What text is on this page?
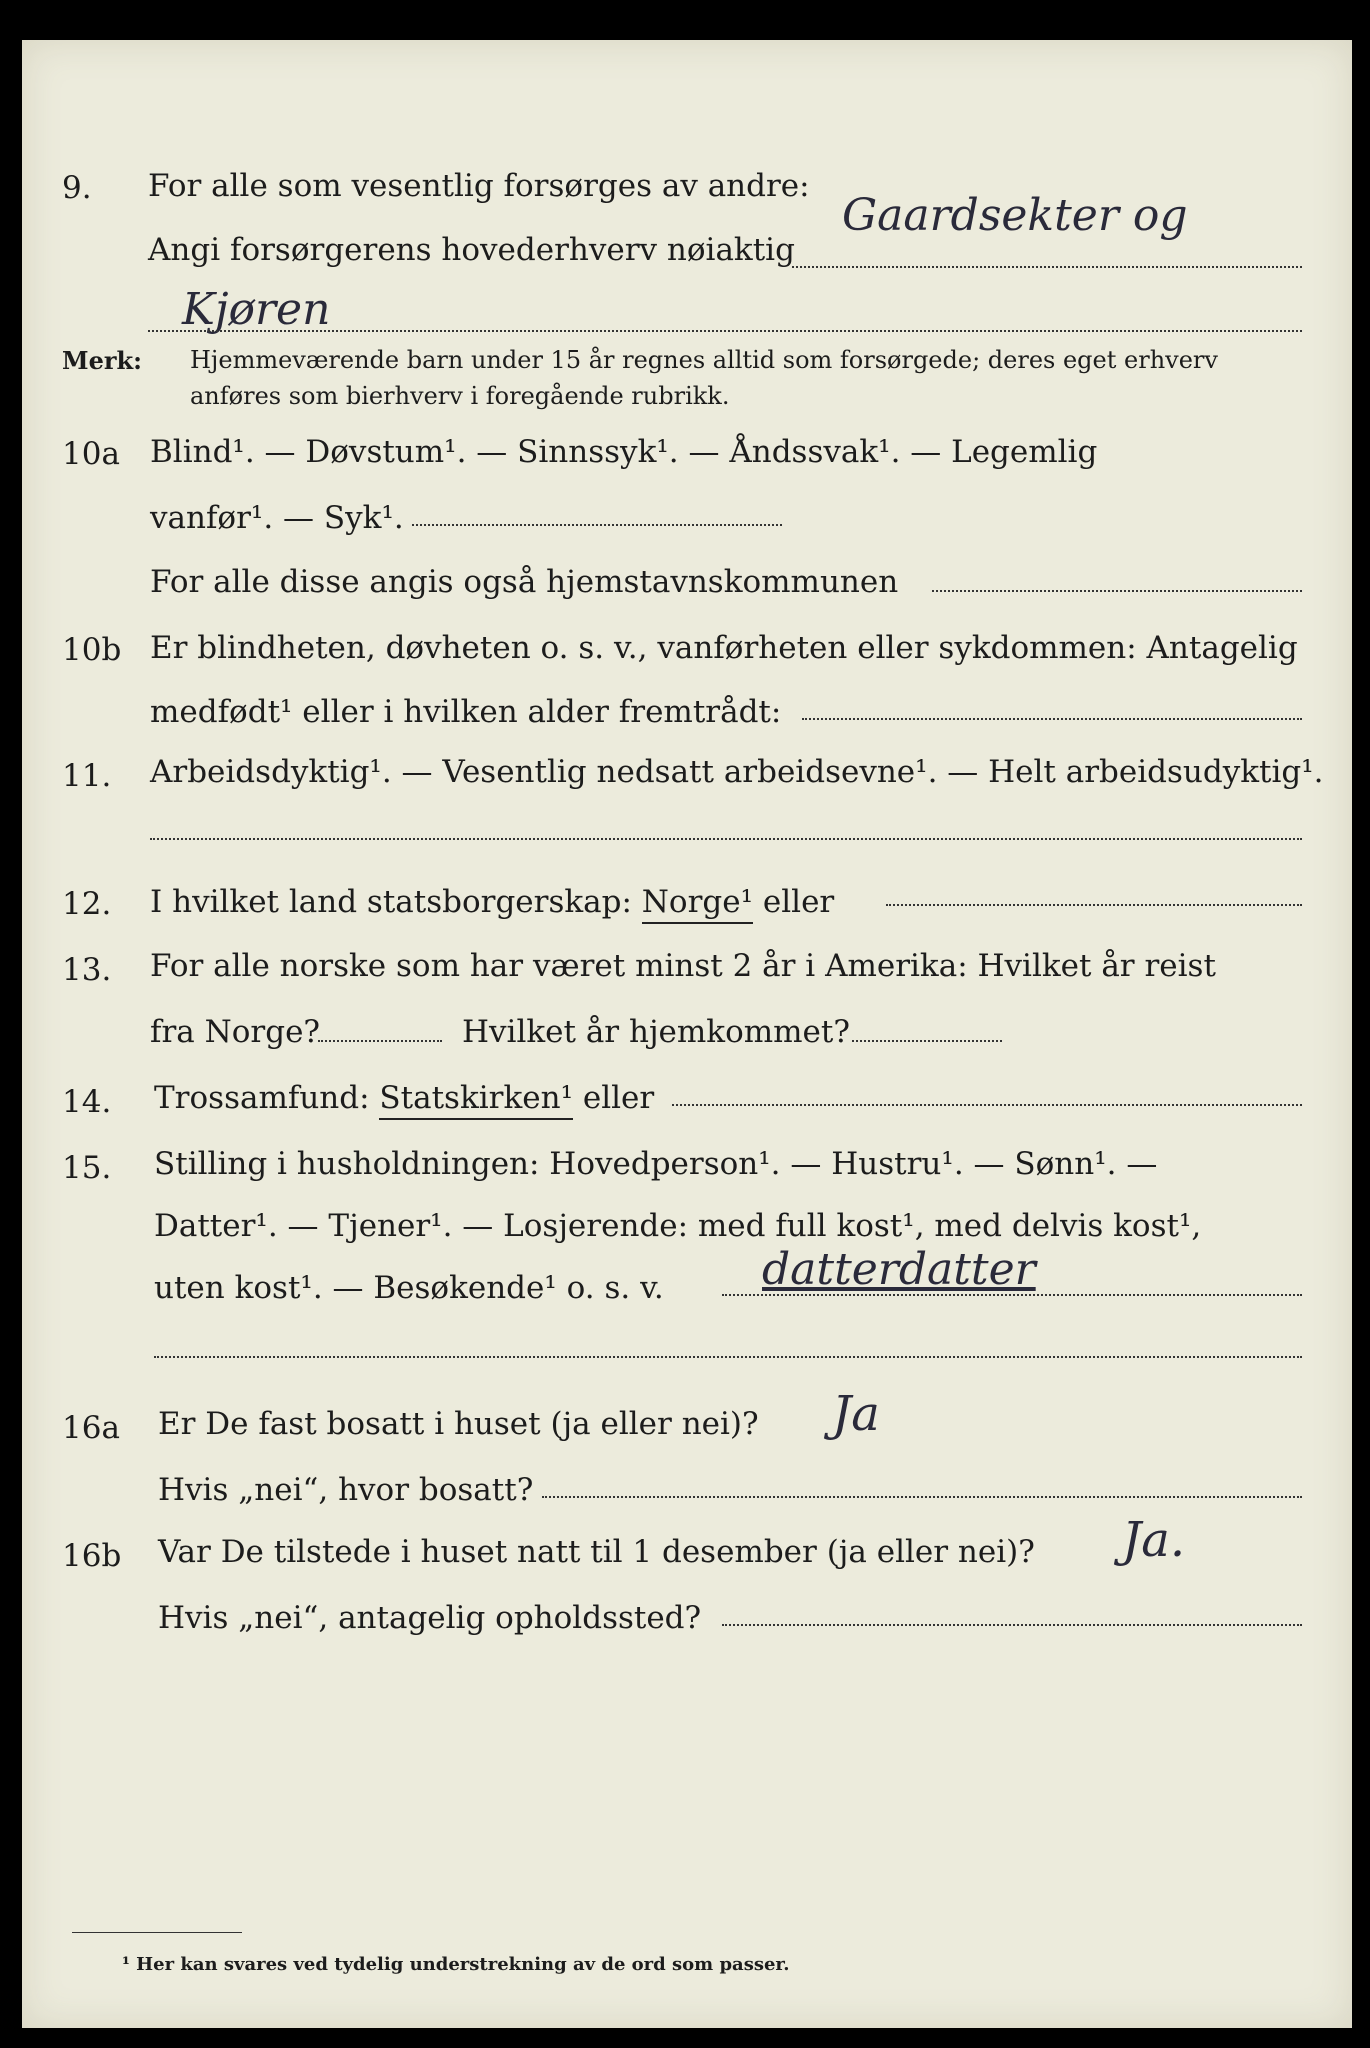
9. For alle som vesentlig forsørges av andre:
Gaardsekter og
Angi forsørgerens hovederhverv nøiaktig
Kjøren
Merk: Hjemmeværende barn under 15 år regnes alltid som forsørgede; deres eget erhverv
anføres som bierhverv i foregående rubrikk.
10a Blind¹. — Døvstum¹. — Sinnssyk¹. — Åndssvak¹. — Legemlig
vanfør¹. — Syk¹.
For alle disse angis også hjemstavnskommunen
10b Er blindheten, døvheten o. s. v., vanførheten eller sykdommen: Antagelig
medfødt¹ eller i hvilken alder fremtrådt:
11. Arbeidsdyktig¹. — Vesentlig nedsatt arbeidsevne¹. — Helt arbeidsudyktig¹.
12. I hvilket land statsborgerskap: Norge¹ eller
13. For alle norske som har været minst 2 år i Amerika: Hvilket år reist
fra Norge?	Hvilket år hjemkommet?
14. Trossamfund: Statskirken¹ eller
15. Stilling i husholdningen: Hovedperson¹. — Hustru¹. — Sønn¹. —
Datter¹. — Tjener¹. — Losjerende: med full kost¹, med delvis kost¹,
uten kost¹. — Besøkende¹ o. s. v. datterdatter
16a Er De fast bosatt i huset (ja eller nei)? Ja
Hvis „nei“, hvor bosatt?
16b Var De tilstede i huset natt til 1 desember (ja eller nei)? Ja.
Hvis „nei“, antagelig opholdssted?
¹ Her kan svares ved tydelig understrekning av de ord som passer.
